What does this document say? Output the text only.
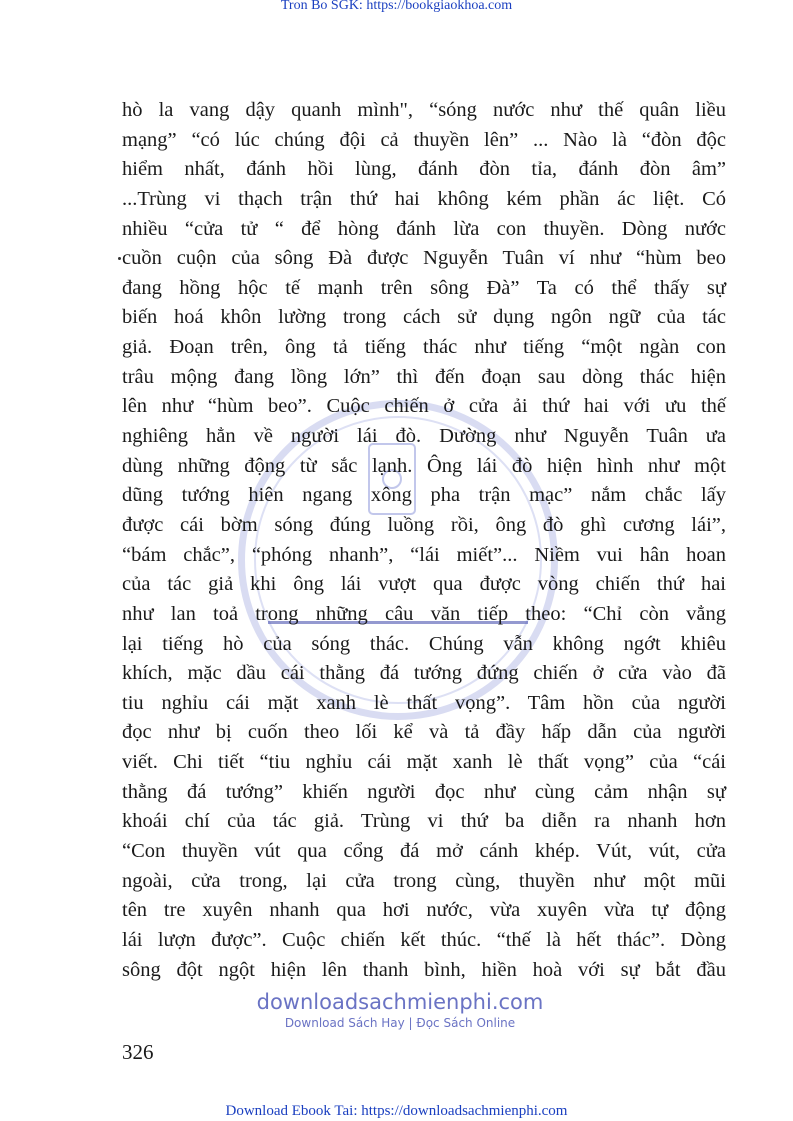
Tron Bo SGK: https://bookgiaokhoa.com
hò la vang dậy quanh mình", “sóng nước như thế quân liều
mạng” “có lúc chúng đội cả thuyền lên” ... Nào là “đòn độc
hiểm nhất, đánh hồi lùng, đánh đòn tỉa, đánh đòn âm”
...Trùng vi thạch trận thứ hai không kém phần ác liệt. Có
nhiều “cửa tử “ để hòng đánh lừa con thuyền. Dòng nước
cuồn cuộn của sông Đà được Nguyễn Tuân ví như “hùm beo
đang hồng hộc tế mạnh trên sông Đà” Ta có thể thấy sự
biến hoá khôn lường trong cách sử dụng ngôn ngữ của tác
giả. Đoạn trên, ông tả tiếng thác như tiếng “một ngàn con
trâu mộng đang lồng lớn” thì đến đoạn sau dòng thác hiện
lên như “hùm beo”. Cuộc chiến ở cửa ải thứ hai với ưu thế
nghiêng hẳn về người lái đò. Dường như Nguyễn Tuân ưa
dùng những động từ sắc lạnh. Ông lái đò hiện hình như một
dũng tướng hiên ngang xông pha trận mạc” nắm chắc lấy
được cái bờm sóng đúng luồng rồi, ông đò ghì cương lái”,
“bám chắc”, “phóng nhanh”, “lái miết”... Niềm vui hân hoan
của tác giả khi ông lái vượt qua được vòng chiến thứ hai
như lan toả trong những câu văn tiếp theo: “Chỉ còn vẳng
lại tiếng hò của sóng thác. Chúng vẫn không ngớt khiêu
khích, mặc dầu cái thằng đá tướng đứng chiến ở cửa vào đã
tiu nghỉu cái mặt xanh lè thất vọng”. Tâm hồn của người
đọc như bị cuốn theo lối kể và tả đầy hấp dẫn của người
viết. Chi tiết “tiu nghỉu cái mặt xanh lè thất vọng” của “cái
thằng đá tướng” khiến người đọc như cùng cảm nhận sự
khoái chí của tác giả. Trùng vi thứ ba diễn ra nhanh hơn
“Con thuyền vút qua cổng đá mở cánh khép. Vút, vút, cửa
ngoài, cửa trong, lại cửa trong cùng, thuyền như một mũi
tên tre xuyên nhanh qua hơi nước, vừa xuyên vừa tự động
lái lượn được”. Cuộc chiến kết thúc. “thế là hết thác”. Dòng
sông đột ngột hiện lên thanh bình, hiền hoà với sự bắt đầu
downloadsachmienphi.com
Download Sách Hay | Đọc Sách Online
326
Download Ebook Tai: https://downloadsachmienphi.com
